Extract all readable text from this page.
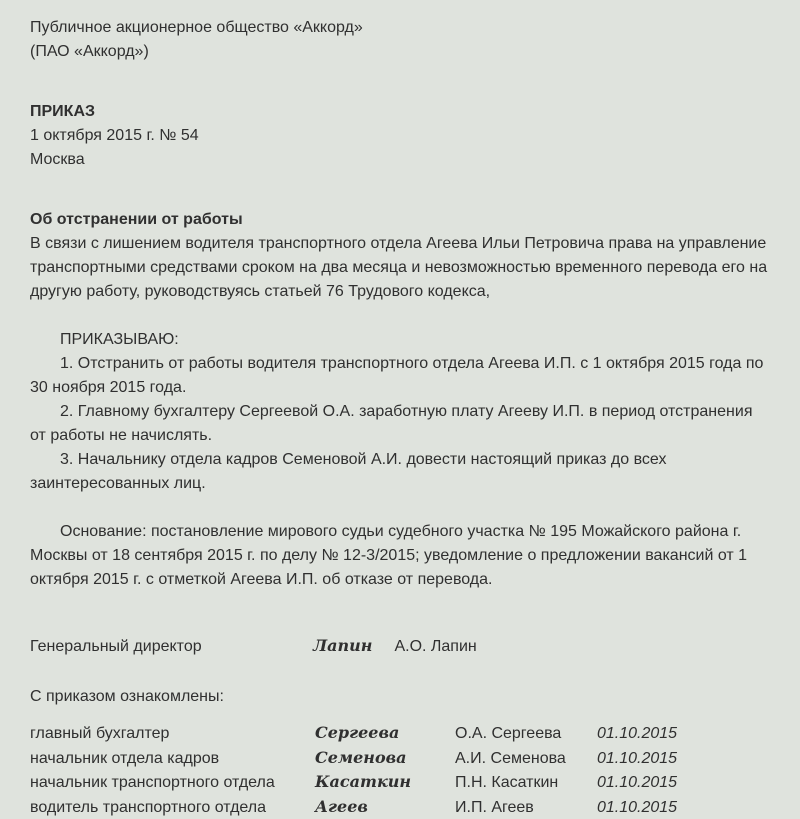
Публичное акционерное общество «Аккорд»

(ПАО «Аккорд»)

ПРИКАЗ

1 октября 2015 г. № 54

Москва

Об отстранении от работы

В связи с лишением водителя транспортного отдела Агеева Ильи Петровича права на управление транспортными средствами сроком на два месяца и невозможностью временного перевода его на другую работу, руководствуясь статьей 76 Трудового кодекса,

ПРИКАЗЫВАЮ:

1. Отстранить от работы водителя транспортного отдела Агеева И.П. с 1 октября 2015 года по 30 ноября 2015 года.

2. Главному бухгалтеру Сергеевой О.А. заработную плату Агееву И.П. в период отстранения от работы не начислять.

3. Начальнику отдела кадров Семеновой А.И. довести настоящий приказ до всех заинтересованных лиц.

Основание: постановление мирового судьи судебного участка № 195 Можайского района г. Москвы от 18 сентября 2015 г. по делу № 12-3/2015; уведомление о предложении вакансий от 1 октября 2015 г. с отметкой Агеева И.П. об отказе от перевода.

Генеральный директор	Лапин А.О. Лапин

С приказом ознакомлены:

главный бухгалтер	Сергеева	О.А. Сергеева	01.10.2015
начальник отдела кадров	Семенова	А.И. Семенова	01.10.2015
начальник транспортного отдела	Касаткин	П.Н. Касаткин	01.10.2015
водитель транспортного отдела	Агеев	И.П. Агеев	01.10.2015
